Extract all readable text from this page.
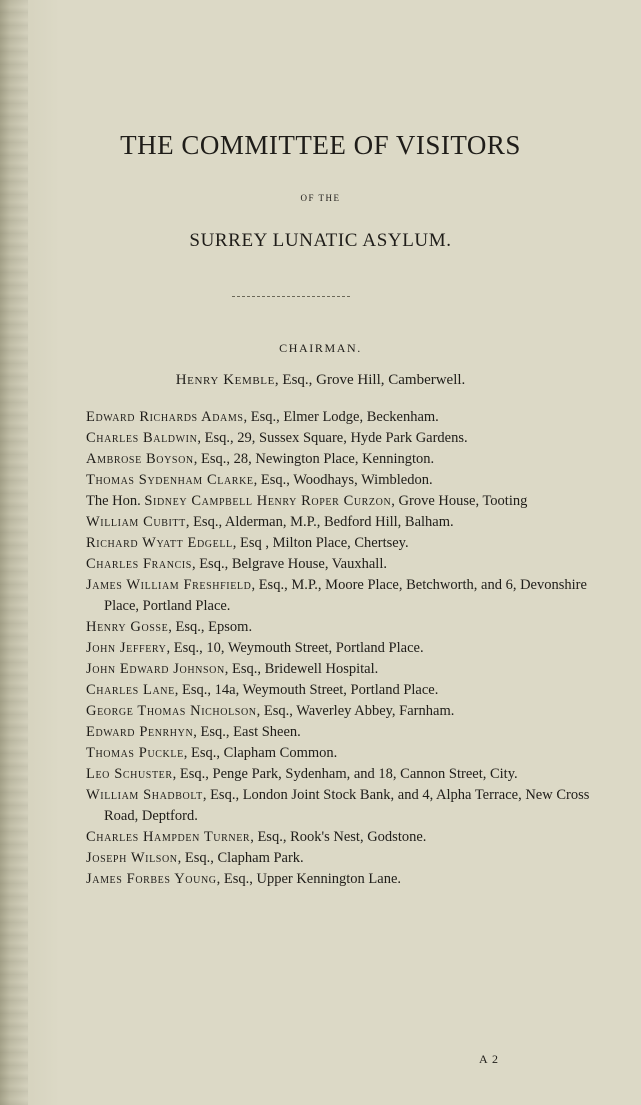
THE COMMITTEE OF VISITORS
OF THE
SURREY LUNATIC ASYLUM.
CHAIRMAN.
Henry Kemble, Esq., Grove Hill, Camberwell.
Edward Richards Adams, Esq., Elmer Lodge, Beckenham.
Charles Baldwin, Esq., 29, Sussex Square, Hyde Park Gardens.
Ambrose Boyson, Esq., 28, Newington Place, Kennington.
Thomas Sydenham Clarke, Esq., Woodhays, Wimbledon.
The Hon. Sidney Campbell Henry Roper Curzon, Grove House, Tooting
William Cubitt, Esq., Alderman, M.P., Bedford Hill, Balham.
Richard Wyatt Edgell, Esq , Milton Place, Chertsey.
Charles Francis, Esq., Belgrave House, Vauxhall.
James William Freshfield, Esq., M.P., Moore Place, Betchworth, and 6, Devonshire Place, Portland Place.
Henry Gosse, Esq., Epsom.
John Jeffery, Esq., 10, Weymouth Street, Portland Place.
John Edward Johnson, Esq., Bridewell Hospital.
Charles Lane, Esq., 14a, Weymouth Street, Portland Place.
George Thomas Nicholson, Esq., Waverley Abbey, Farnham.
Edward Penrhyn, Esq., East Sheen.
Thomas Puckle, Esq., Clapham Common.
Leo Schuster, Esq., Penge Park, Sydenham, and 18, Cannon Street, City.
William Shadbolt, Esq., London Joint Stock Bank, and 4, Alpha Terrace, New Cross Road, Deptford.
Charles Hampden Turner, Esq., Rook's Nest, Godstone.
Joseph Wilson, Esq., Clapham Park.
James Forbes Young, Esq., Upper Kennington Lane.
A 2
